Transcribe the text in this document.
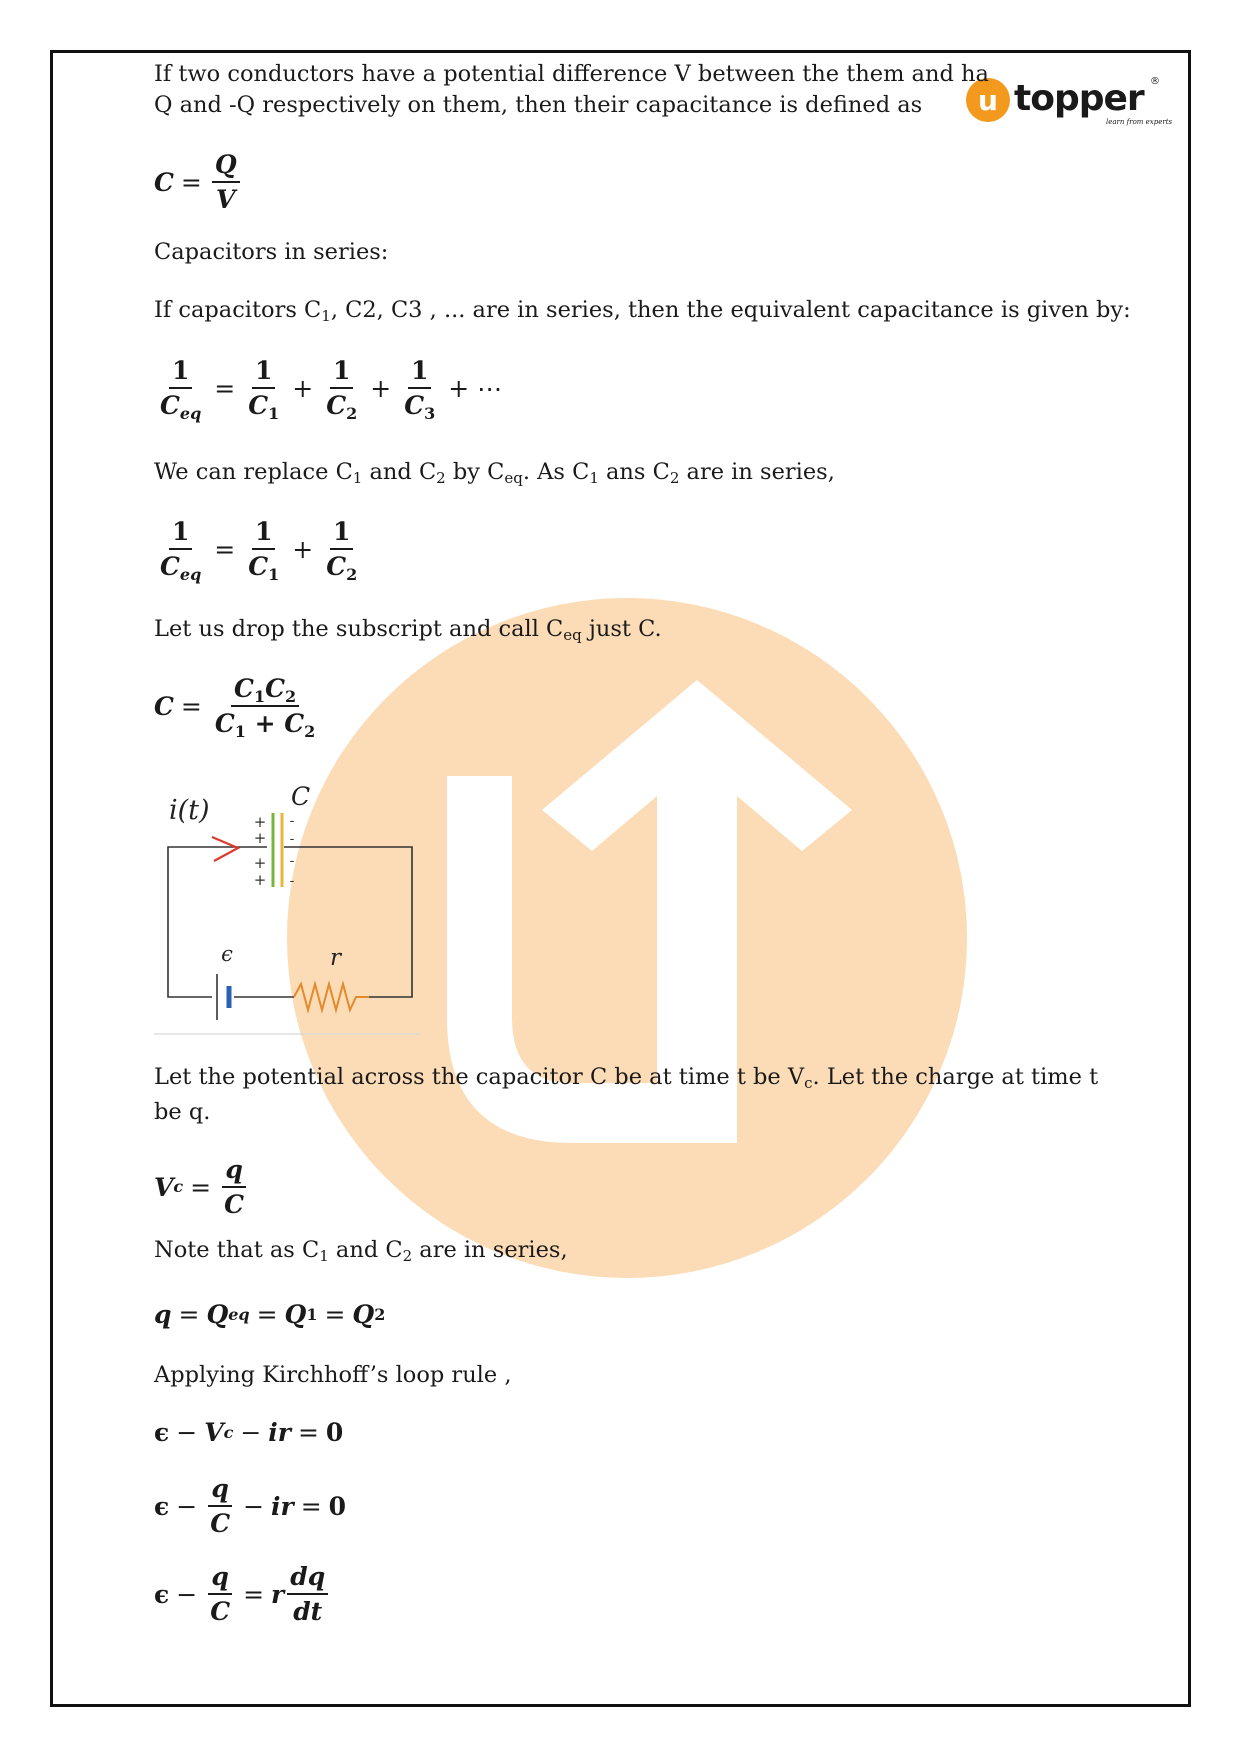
u topper ®
learn from experts
If two conductors have a potential difference V between the them and ha
Q and -Q respectively on them, then their capacitance is defined as
$C = \frac{Q}{V}$
Capacitors in series:
If capacitors $C_1$, C2, C3 , ... are in series, then the equivalent capacitance is given by:
$\frac{1}{C_{eq}} = \frac{1}{C_1} + \frac{1}{C_2} + \frac{1}{C_3}$ + ⋯
We can replace $C_1$ and $C_2$ by $C_{eq}$. As $C_1$ ans $C_2$ are in series,
$\frac{1}{C_{eq}} = \frac{1}{C_1} + \frac{1}{C_2}$
Let us drop the subscript and call $C_{eq}$ just C.
$C = \frac{C_1C_2}{C_1 + C_2}$
+
+
+
+
-
-
-
-
i(t)	C
ϵ	r
Let the potential across the capacitor C be at time t be $V_c$. Let the charge at time t
be q.
V $c = \frac{q}{C}$
Note that as $C_1$ and $C_2$ are in series,
q = Q eq = Q 1 = Q 2
Applying Kirchhoff’s loop rule ,
ϵ − V c − ir = 0
$\epsilon - \frac{q}{C}$ − ir = 0
$\epsilon - \frac{q}{C} = r \frac{dq}{dt}$
